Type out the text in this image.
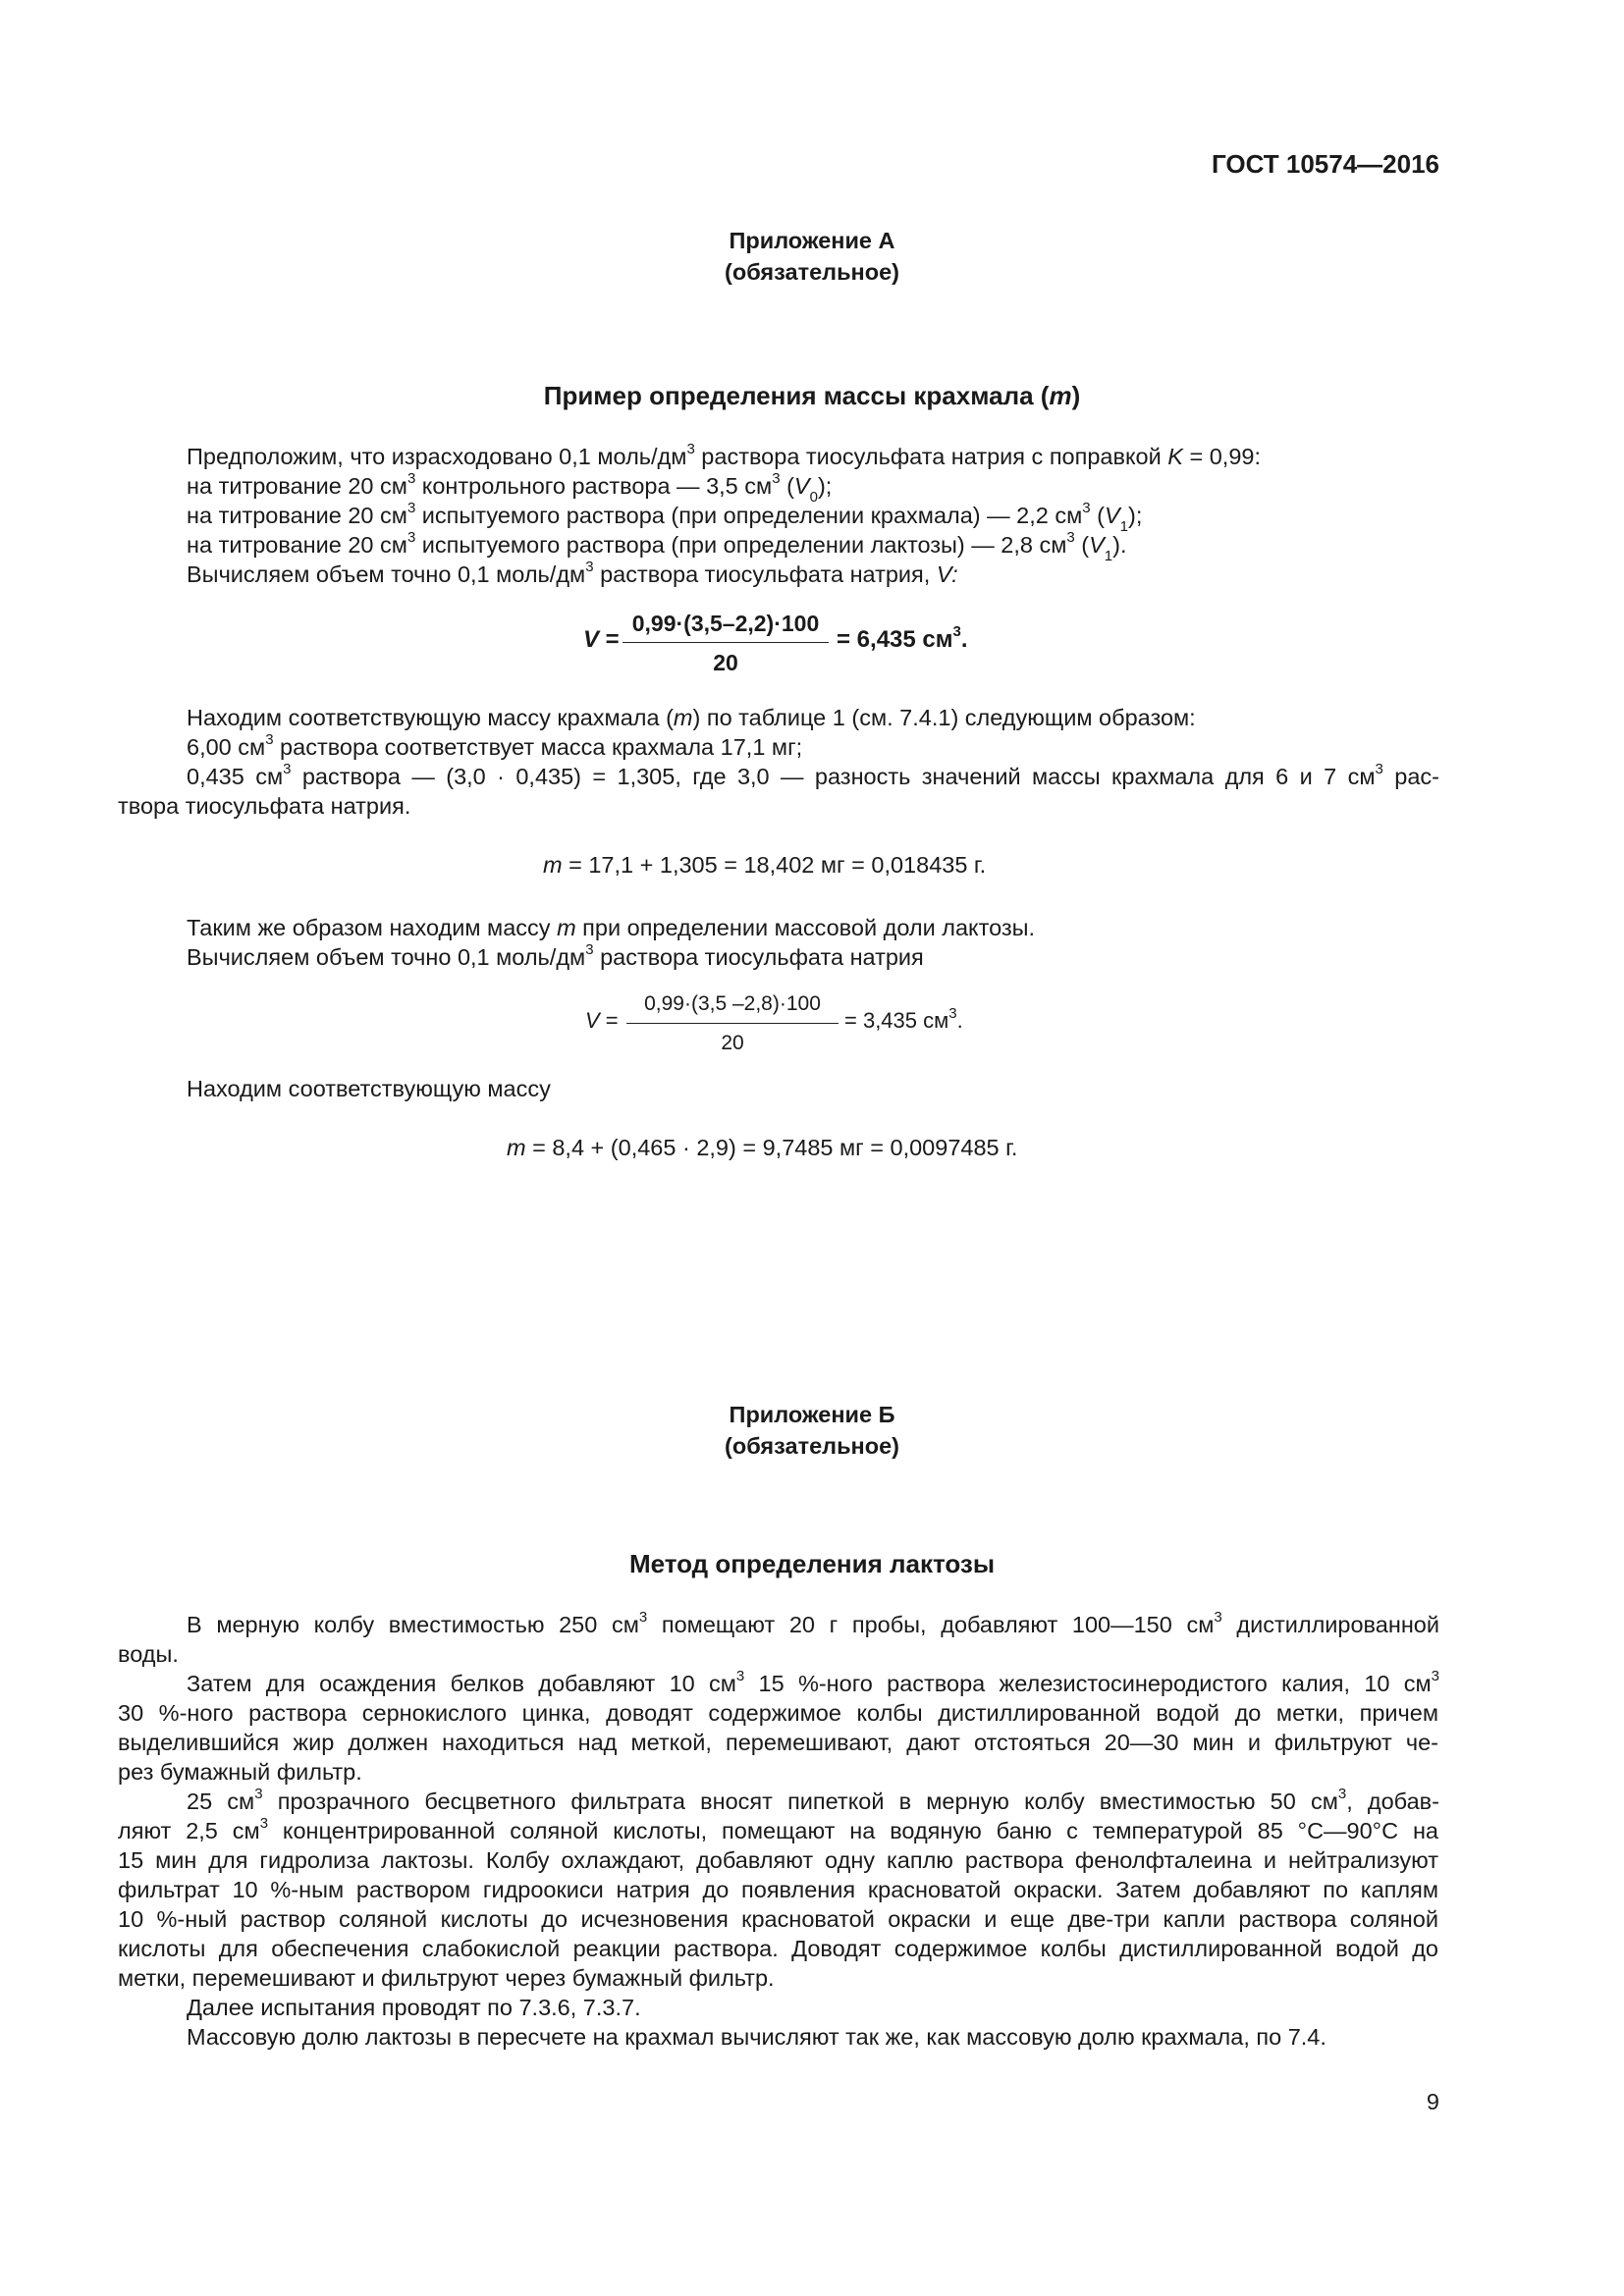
ГОСТ 10574—2016
Приложение А
(обязательное)
Пример определения массы крахмала (m)
Предположим, что израсходовано 0,1 моль/$дм^3$ раствора тиосульфата натрия с поправкой K = 0,99:
на титрование 20 $см^3$ контрольного раствора — 3,5 $см^3$ $(V_0)$;
на титрование 20 $см^3$ испытуемого раствора (при определении крахмала) — 2,2 $см^3$ $(V_1)$;
на титрование 20 $см^3$ испытуемого раствора (при определении лактозы) — 2,8 $см^3$ $(V_1)$.
Вычисляем объем точно 0,1 моль/$дм^3$ раствора тиосульфата натрия, V:
V =
0,99·(3,5–2,2)·100
20
= 6,435 $см^3$.
Находим соответствующую массу крахмала (m) по таблице 1 (см. 7.4.1) следующим образом:
6,00 $см^3$ раствора соответствует масса крахмала 17,1 мг;
0,435 $см^3$ раствора — (3,0 · 0,435) = 1,305, где 3,0 — разность значений массы крахмала для 6 и 7 $см^3$ рас-
твора тиосульфата натрия.
m = 17,1 + 1,305 = 18,402 мг = 0,018435 г.
Таким же образом находим массу m при определении массовой доли лактозы.
Вычисляем объем точно 0,1 моль/$дм^3$ раствора тиосульфата натрия
V =
0,99·(3,5 –2,8)·100
20
= 3,435 $см^3$.
Находим соответствующую массу
m = 8,4 + (0,465 · 2,9) = 9,7485 мг = 0,0097485 г.
Приложение Б
(обязательное)
Метод определения лактозы
В мерную колбу вместимостью 250 $см^3$ помещают 20 г пробы, добавляют 100—150 $см^3$ дистиллированной
воды.
Затем для осаждения белков добавляют 10 $см^3$ 15 %-ного раствора железистосинеродистого калия, 10 $см^3$
30 %-ного раствора сернокислого цинка, доводят содержимое колбы дистиллированной водой до метки, причем
выделившийся жир должен находиться над меткой, перемешивают, дают отстояться 20—30 мин и фильтруют че-
рез бумажный фильтр.
25 $см^3$ прозрачного бесцветного фильтрата вносят пипеткой в мерную колбу вместимостью 50 $см^3$, добав-
ляют 2,5 $см^3$ концентрированной соляной кислоты, помещают на водяную баню с температурой 85 °С—90°С на
15 мин для гидролиза лактозы. Колбу охлаждают, добавляют одну каплю раствора фенолфталеина и нейтрализуют
фильтрат 10 %-ным раствором гидроокиси натрия до появления красноватой окраски. Затем добавляют по каплям
10 %-ный раствор соляной кислоты до исчезновения красноватой окраски и еще две-три капли раствора соляной
кислоты для обеспечения слабокислой реакции раствора. Доводят содержимое колбы дистиллированной водой до
метки, перемешивают и фильтруют через бумажный фильтр.
Далее испытания проводят по 7.3.6, 7.3.7.
Массовую долю лактозы в пересчете на крахмал вычисляют так же, как массовую долю крахмала, по 7.4.
9
